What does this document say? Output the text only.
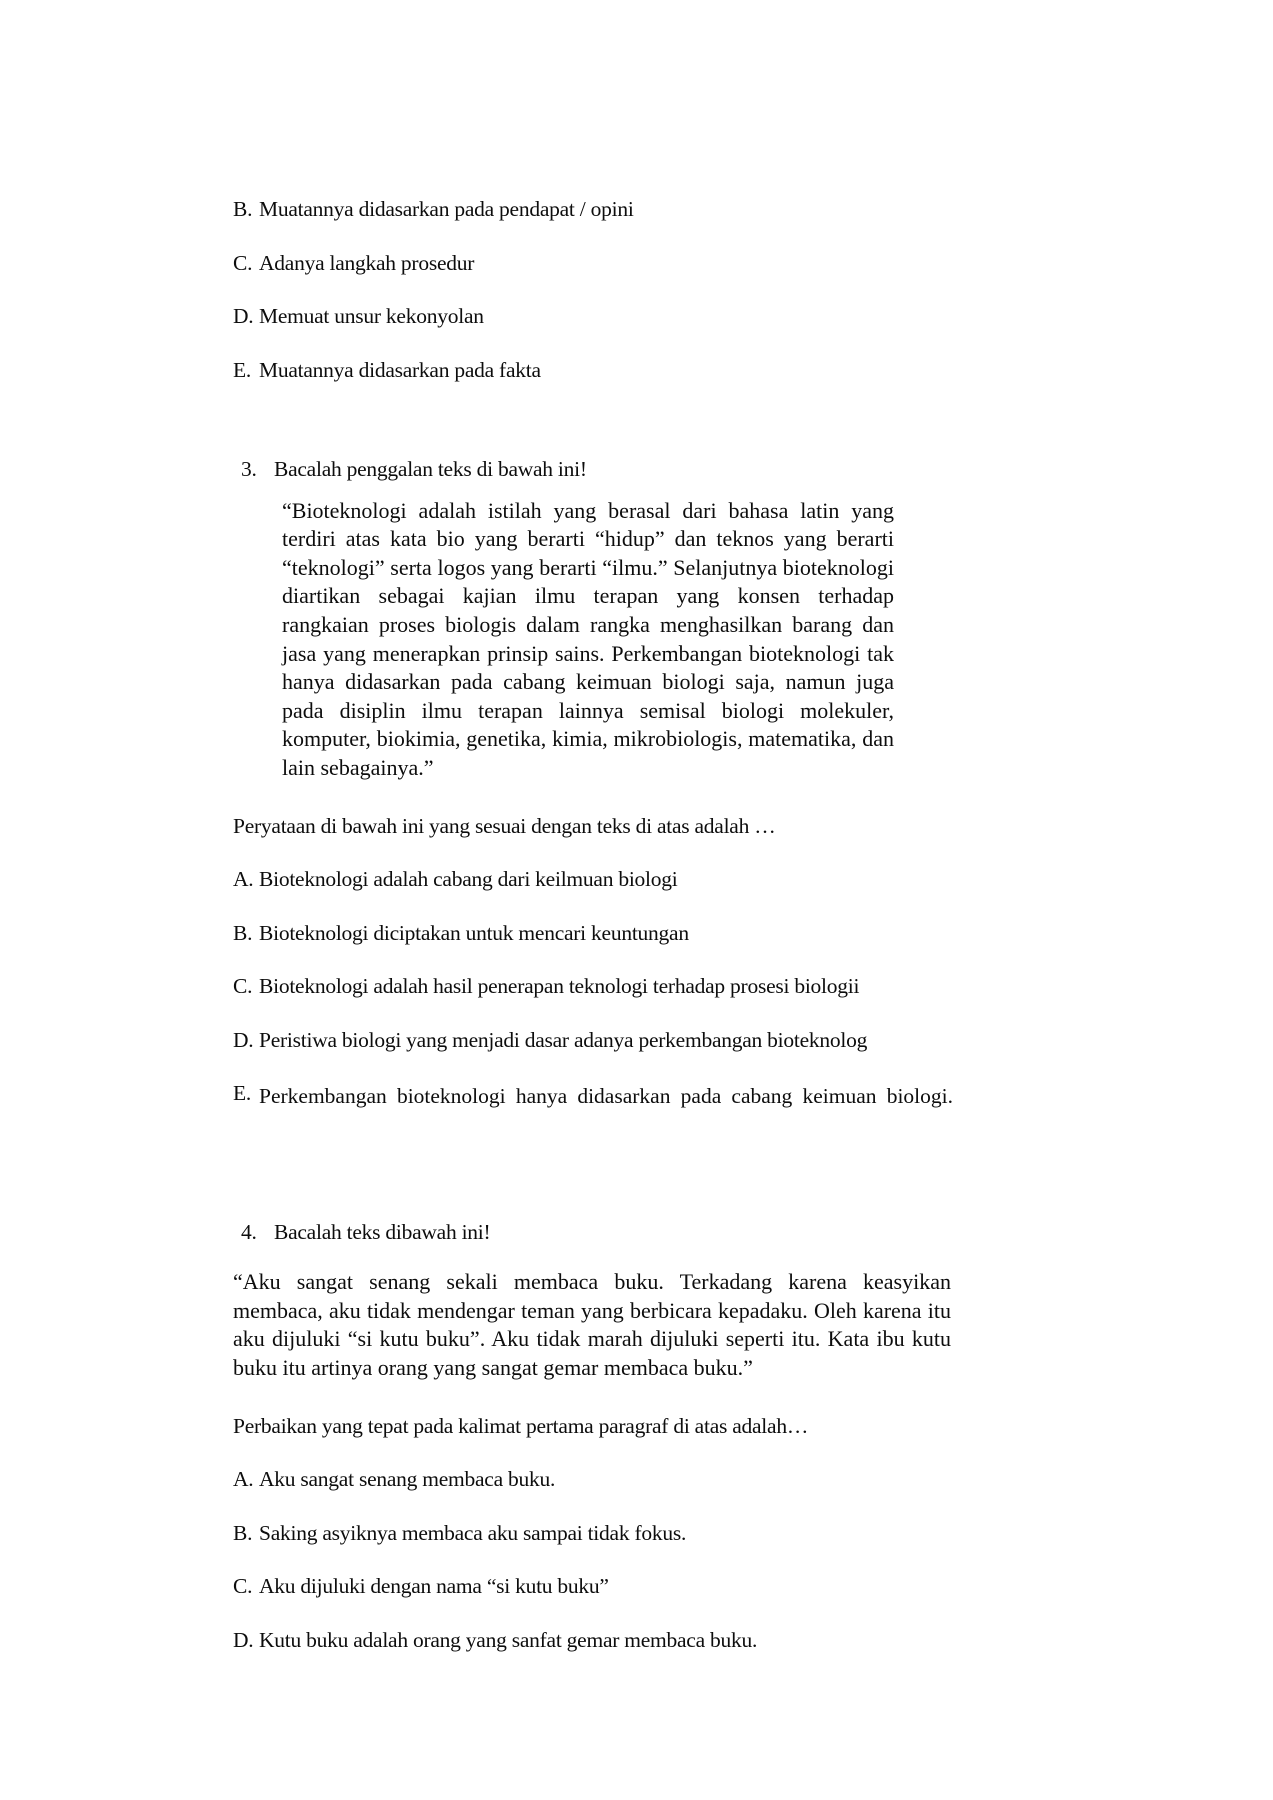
B. Muatannya didasarkan pada pendapat / opini
C. Adanya langkah prosedur
D. Memuat unsur kekonyolan
E. Muatannya didasarkan pada fakta
3. Bacalah penggalan teks di bawah ini!
“Bioteknologi adalah istilah yang berasal dari bahasa latin yang terdiri atas kata bio yang berarti “hidup” dan teknos yang berarti “teknologi” serta logos yang berarti “ilmu.” Selanjutnya bioteknologi diartikan sebagai kajian ilmu terapan yang konsen terhadap rangkaian proses biologis dalam rangka menghasilkan barang dan jasa yang menerapkan prinsip sains. Perkembangan bioteknologi tak hanya didasarkan pada cabang keimuan biologi saja, namun juga pada disiplin ilmu terapan lainnya semisal biologi molekuler, komputer, biokimia, genetika, kimia, mikrobiologis, matematika, dan lain sebagainya.”
Peryataan di bawah ini yang sesuai dengan teks di atas adalah …
A. Bioteknologi adalah cabang dari keilmuan biologi
B. Bioteknologi diciptakan untuk mencari keuntungan
C. Bioteknologi adalah hasil penerapan teknologi terhadap prosesi biologii
D. Peristiwa biologi yang menjadi dasar adanya perkembangan bioteknolog
E. Perkembangan bioteknologi hanya didasarkan pada cabang keimuan biologi.
4. Bacalah teks dibawah ini!
“Aku sangat senang sekali membaca buku. Terkadang karena keasyikan membaca, aku tidak mendengar teman yang berbicara kepadaku. Oleh karena itu aku dijuluki “si kutu buku”. Aku tidak marah dijuluki seperti itu. Kata ibu kutu buku itu artinya orang yang sangat gemar membaca buku.”
Perbaikan yang tepat pada kalimat pertama paragraf di atas adalah…
A. Aku sangat senang membaca buku.
B. Saking asyiknya membaca aku sampai tidak fokus.
C. Aku dijuluki dengan nama “si kutu buku”
D. Kutu buku adalah orang yang sanfat gemar membaca buku.
